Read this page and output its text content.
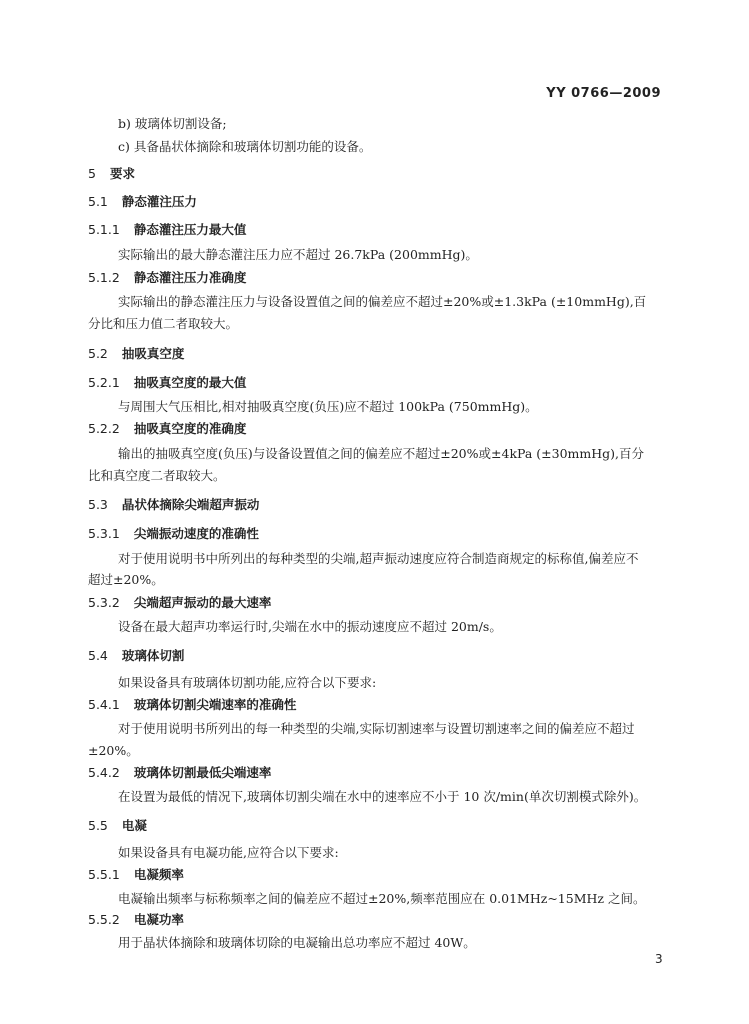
YY 0766—2009
b) 玻璃体切割设备;
c) 具备晶状体摘除和玻璃体切割功能的设备。
5 要求
5.1 静态灌注压力
5.1.1 静态灌注压力最大值
实际输出的最大静态灌注压力应不超过 26.7kPa (200mmHg)。
5.1.2 静态灌注压力准确度
实际输出的静态灌注压力与设备设置值之间的偏差应不超过±20%或±1.3kPa (±10mmHg),百
分比和压力值二者取较大。
5.2 抽吸真空度
5.2.1 抽吸真空度的最大值
与周围大气压相比,相对抽吸真空度(负压)应不超过 100kPa (750mmHg)。
5.2.2 抽吸真空度的准确度
输出的抽吸真空度(负压)与设备设置值之间的偏差应不超过±20%或±4kPa (±30mmHg),百分
比和真空度二者取较大。
5.3 晶状体摘除尖端超声振动
5.3.1 尖端振动速度的准确性
对于使用说明书中所列出的每种类型的尖端,超声振动速度应符合制造商规定的标称值,偏差应不
超过±20%。
5.3.2 尖端超声振动的最大速率
设备在最大超声功率运行时,尖端在水中的振动速度应不超过 20m/s。
5.4 玻璃体切割
如果设备具有玻璃体切割功能,应符合以下要求:
5.4.1 玻璃体切割尖端速率的准确性
对于使用说明书所列出的每一种类型的尖端,实际切割速率与设置切割速率之间的偏差应不超过
±20%。
5.4.2 玻璃体切割最低尖端速率
在设置为最低的情况下,玻璃体切割尖端在水中的速率应不小于 10 次/min(单次切割模式除外)。
5.5 电凝
如果设备具有电凝功能,应符合以下要求:
5.5.1 电凝频率
电凝输出频率与标称频率之间的偏差应不超过±20%,频率范围应在 0.01MHz~15MHz 之间。
5.5.2 电凝功率
用于晶状体摘除和玻璃体切除的电凝输出总功率应不超过 40W。
3
